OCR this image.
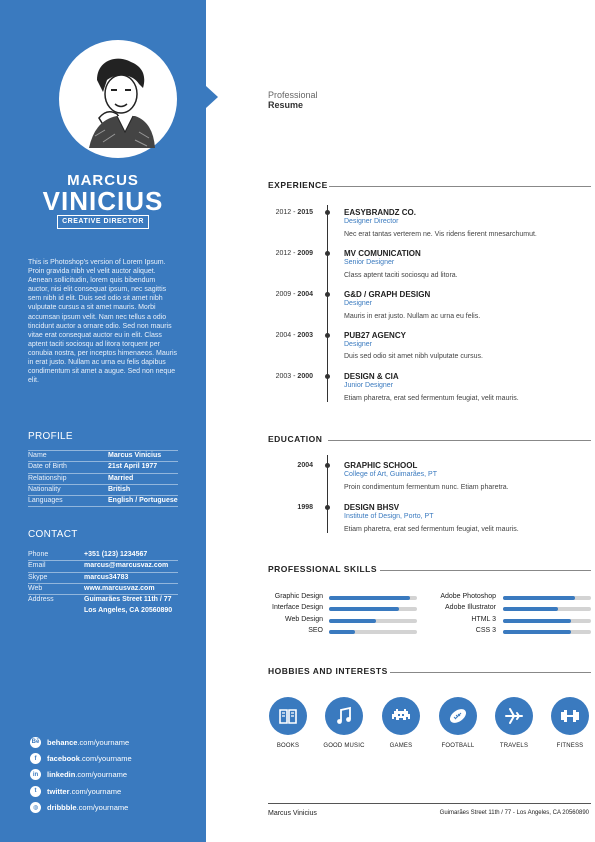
MARCUS
VINICIUS
CREATIVE DIRECTOR
This is Photoshop's version of Lorem Ipsum. Proin gravida nibh vel velit auctor aliquet. Aenean sollicitudin, lorem quis bibendum auctor, nisi elit consequat ipsum, nec sagittis sem nibh id elit. Duis sed odio sit amet nibh vulputate cursus a sit amet mauris. Morbi accumsan ipsum velit. Nam nec tellus a odio tincidunt auctor a ornare odio. Sed non mauris vitae erat consequat auctor eu in elit. Class aptent taciti sociosqu ad litora torquent per conubia nostra, per inceptos himenaeos. Mauris in erat justo. Nullam ac urna eu felis dapibus condimentum sit amet a augue. Sed non neque elit.
PROFILE
Name	Marcus Vinicius
Date of Birth	21st April 1977
Relationship	Married
Nationality	British
Languages	English / Portuguese
CONTACT
Phone	+351 (123) 1234567
Email	marcus@marcusvaz.com
Skype	marcus34783
Web	www.marcusvaz.com
Address	Guimarães Street 11th / 77
Los Angeles, CA 20560890
Bē behance.com/yourname
f	facebook.com/yourname
in	linkedin.com/yourname
t	twitter.com/yourname
◍	dribbble.com/yourname
Professional
Resume
EXPERIENCE
2012 - 2015	EASYBRANDZ CO.
Designer Director
Nec erat tantas verterem ne. Vis ridens fierent mnesarchumut.
2012 - 2009	MV COMUNICATION
Senior Designer
Class aptent taciti sociosqu ad litora.
2009 - 2004	G&D / GRAPH DESIGN
Designer
Mauris in erat justo. Nullam ac urna eu felis.
2004 - 2003	PUB27 AGENCY
Designer
Duis sed odio sit amet nibh vulputate cursus.
2003 - 2000	DESIGN & CIA
Junior Designer
Etiam pharetra, erat sed fermentum feugiat, velit mauris.
EDUCATION
2004	GRAPHIC SCHOOL
College of Art, Guimarães, PT
Proin condimentum fermentum nunc. Etiam pharetra.
1998	DESIGN BHSV
Institute of Design, Porto, PT
Etiam pharetra, erat sed fermentum feugiat, velit mauris.
PROFESSIONAL SKILLS
Graphic Design
Interface Design
Web Design
SEO
Adobe Photoshop
Adobe Illustrator
HTML 3
CSS 3
HOBBIES AND INTERESTS
BOOKS	GOOD MUSIC	GAMES	FOOTBALL	TRAVELS	FITNESS
Marcus Vinicius	Guimarães Street 11th / 77 - Los Angeles, CA 20560890
